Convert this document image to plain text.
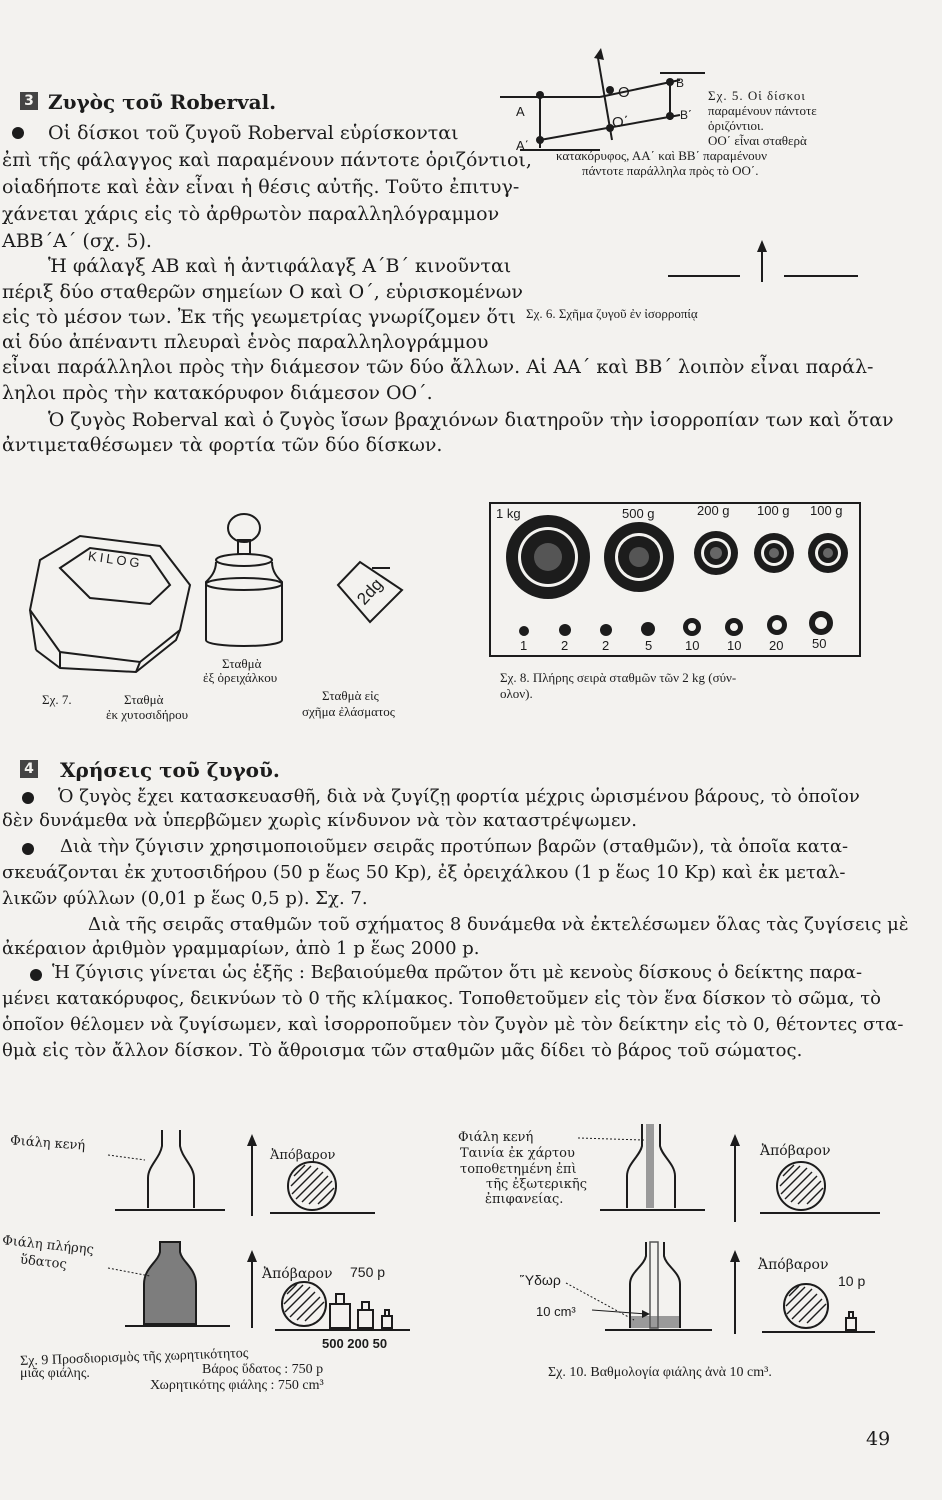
3 Ζυγὸς τοῦ Roberval.
Οἱ δίσκοι τοῦ ζυγοῦ Roberval εὑρίσκονται
ἐπὶ τῆς φάλαγγος καὶ παραμένουν πάντοτε ὁριζόντιοι,
οἱαδήποτε καὶ ἐὰν εἶναι ἡ θέσις αὐτῆς. Τοῦτο ἐπιτυγ-
χάνεται χάρις εἰς τὸ ἀρθρωτὸν παραλληλόγραμμον
ΑΒΒ΄Α΄ (σχ. 5).
Ἡ φάλαγξ ΑΒ καὶ ἡ ἀντιφάλαγξ Α΄Β΄ κινοῦνται
πέριξ δύο σταθερῶν σημείων Ο καὶ Ο΄, εὑρισκομένων
εἰς τὸ μέσον των. Ἐκ τῆς γεωμετρίας γνωρίζομεν ὅτι
αἱ δύο ἀπέναντι πλευραὶ ἑνὸς παραλληλογράμμου
εἶναι παράλληλοι πρὸς τὴν διάμεσον τῶν δύο ἄλλων. Αἱ ΑΑ΄ καὶ ΒΒ΄ λοιπὸν εἶναι παράλ-
ληλοι πρὸς τὴν κατακόρυφον διάμεσον ΟΟ΄.
Ὁ ζυγὸς Roberval καὶ ὁ ζυγὸς ἴσων βραχιόνων διατηροῦν τὴν ἰσορροπίαν των καὶ ὅταν
ἀντιμεταθέσωμεν τὰ φορτία τῶν δύο δίσκων.
A
O
B
A΄
O΄	B΄
Σχ. 5. Οἱ δίσκοι
παραμένουν πάντοτε
ὁριζόντιοι.
ΟΟ΄ εἶναι σταθερὰ
κατακόρυφος, ΑΑ΄ καὶ ΒΒ΄ παραμένουν
πάντοτε παράλληλα πρὸς τὸ ΟΟ΄.
Σχ. 6. Σχῆμα ζυγοῦ ἐν ἰσορροπίᾳ
KILOG
2dg
Σταθμὰ
ἐξ ὀρειχάλκου
Σχ. 7.	Σταθμὰ
ἐκ χυτοσιδήρου
Σταθμὰ εἰς
σχῆμα ἐλάσματος
1 kg	500 g	200 g 100 g 100 g
1	2	2	5	10 10 20 50
Σχ. 8. Πλήρης σειρὰ σταθμῶν τῶν 2 kg (σύν-
ολον).
4 Χρήσεις τοῦ ζυγοῦ.
Ὁ ζυγὸς ἔχει κατασκευασθῆ, διὰ νὰ ζυγίζῃ φορτία μέχρις ὡρισμένου βάρους, τὸ ὁποῖον
δὲν δυνάμεθα νὰ ὑπερβῶμεν χωρὶς κίνδυνον νὰ τὸν καταστρέψωμεν.
Διὰ τὴν ζύγισιν χρησιμοποιοῦμεν σειρᾶς προτύπων βαρῶν (σταθμῶν), τὰ ὁποῖα κατα-
σκευάζονται ἐκ χυτοσιδήρου (50 p ἕως 50 Kp), ἐξ ὀρειχάλκου (1 p ἕως 10 Kp) καὶ ἐκ μεταλ-
λικῶν φύλλων (0,01 p ἕως 0,5 p). Σχ. 7.
Διὰ τῆς σειρᾶς σταθμῶν τοῦ σχήματος 8 δυνάμεθα νὰ ἐκτελέσωμεν ὅλας τὰς ζυγίσεις μὲ
ἀκέραιον ἀριθμὸν γραμμαρίων, ἀπὸ 1 p ἕως 2000 p.
Ἡ ζύγισις γίνεται ὡς ἑξῆς : Βεβαιούμεθα πρῶτον ὅτι μὲ κενοὺς δίσκους ὁ δείκτης παρα-
μένει κατακόρυφος, δεικνύων τὸ 0 τῆς κλίμακος. Τοποθετοῦμεν εἰς τὸν ἕνα δίσκον τὸ σῶμα, τὸ
ὁποῖον θέλομεν νὰ ζυγίσωμεν, καὶ ἰσορροποῦμεν τὸν ζυγὸν μὲ τὸν δείκτην εἰς τὸ 0, θέτοντες στα-
θμὰ εἰς τὸν ἄλλον δίσκον. Τὸ ἄθροισμα τῶν σταθμῶν μᾶς δίδει τὸ βάρος τοῦ σώματος.
Φιάλη κενή
Ἀπόβαρον
Φιάλη πλήρης
ὕδατος
Ἀπόβαρον 750 p
500 200 50
Σχ. 9 Προσδιορισμὸς τῆς χωρητικότητος
μιᾶς φιάλης.	Βάρος ὕδατος : 750 p
Χωρητικότης φιάλης : 750 cm³
Φιάλη κενή
Ταινία ἐκ χάρτου
τοποθετημένη ἐπὶ
τῆς ἐξωτερικῆς
ἐπιφανείας.
Ἀπόβαρον
Ὕδωρ
10 cm³
Ἀπόβαρον
10 p
Σχ. 10. Βαθμολογία φιάλης ἀνὰ 10 cm³.
49
